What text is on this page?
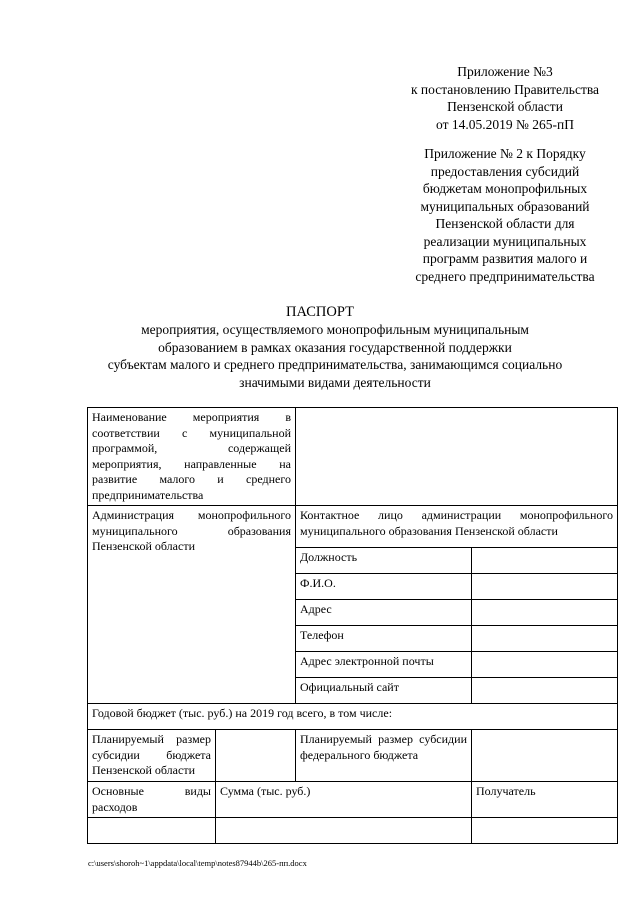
Приложение №3
к постановлению Правительства
Пензенской области
от 14.05.2019 № 265-пП
Приложение № 2 к Порядку
предоставления субсидий
бюджетам монопрофильных
муниципальных образований
Пензенской области для
реализации муниципальных
программ развития малого и
среднего предпринимательства
ПАСПОРТ
мероприятия, осуществляемого монопрофильным муниципальным
образованием в рамках оказания государственной поддержки
субъектам малого и среднего предпринимательства, занимающимся социально
значимыми видами деятельности
Наименование мероприятия в соответствии с муниципальной программой, содержащей мероприятия, направленные на развитие малого и среднего предпринимательства			
Администрация монопрофильного муниципального образования Пензенской области		Контактное лицо администрации монопрофильного муниципального образования Пензенской области	
		Должность	
		Ф.И.О.	
		Адрес	
		Телефон	
		Адрес электронной почты	
		Официальный сайт	
Годовой бюджет (тыс. руб.) на 2019 год всего, в том числе:			
Планируемый размер субсидии бюджета Пензенской области		Планируемый размер субсидии федерального бюджета	
Основные виды расходов	Сумма (тыс. руб.)		Получатель

c:\users\shoroh~1\appdata\local\temp\notes87944b\265-пп.docx
